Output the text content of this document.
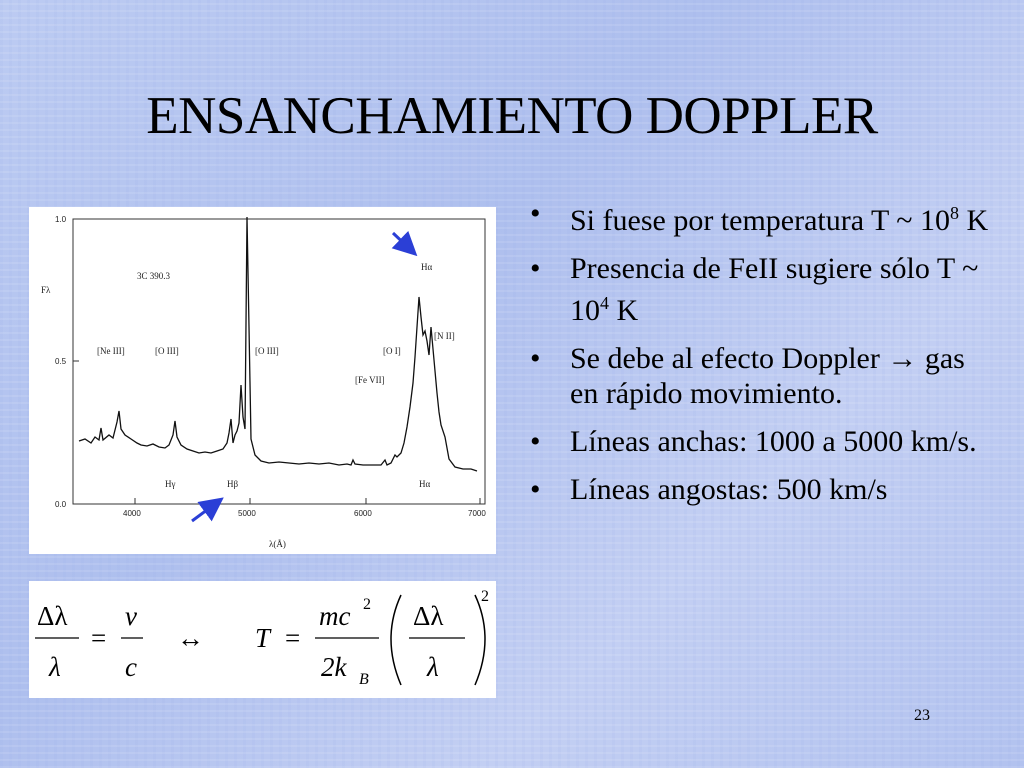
ENSANCHAMIENTO DOPPLER
1.0
0.5
0.0
4000	5000	6000	7000
Fλ
λ(Å)
3C 390.3
[Ne III]	[O III]	[O III]	[O I]
[N II]
[Fe VII]
Hα
Hγ	Hβ	Hα
Δλ
λ
=
v
c
↔ T =
mc 2
2k B
Δλ
λ
2
• Si fuese por temperatura T ~ $10^8$ K
• Presencia de FeII sugiere sólo T ~ $10^4$ K
• Se debe al efecto Doppler → gas en rápido movimiento.
• Líneas anchas: 1000 a 5000 km/s.
• Líneas angostas: 500 km/s
23
